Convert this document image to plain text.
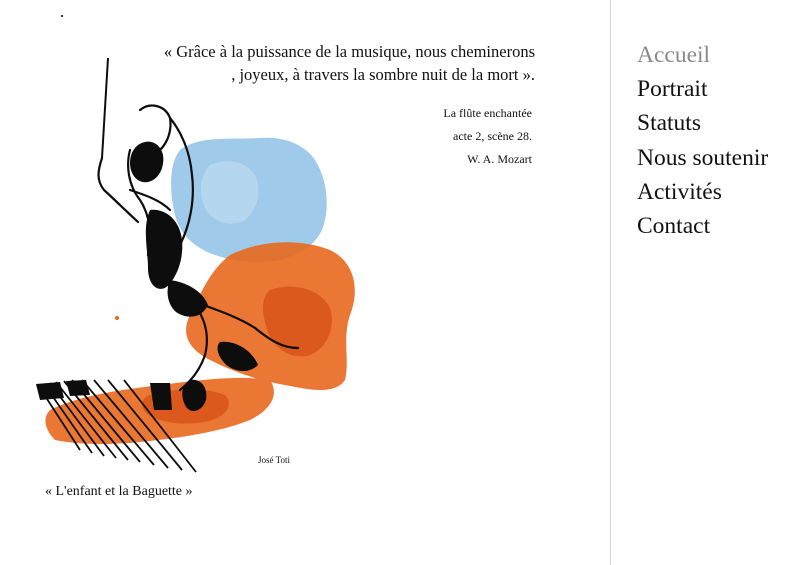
« Grâce à la puissance de la musique, nous cheminerons
, joyeux, à travers la sombre nuit de la mort ».
La flûte enchantée
acte 2, scène 28.
W. A. Mozart
José Toti
« L'enfant et la Baguette »
Accueil
Portrait
Statuts
Nous soutenir
Activités
Contact
